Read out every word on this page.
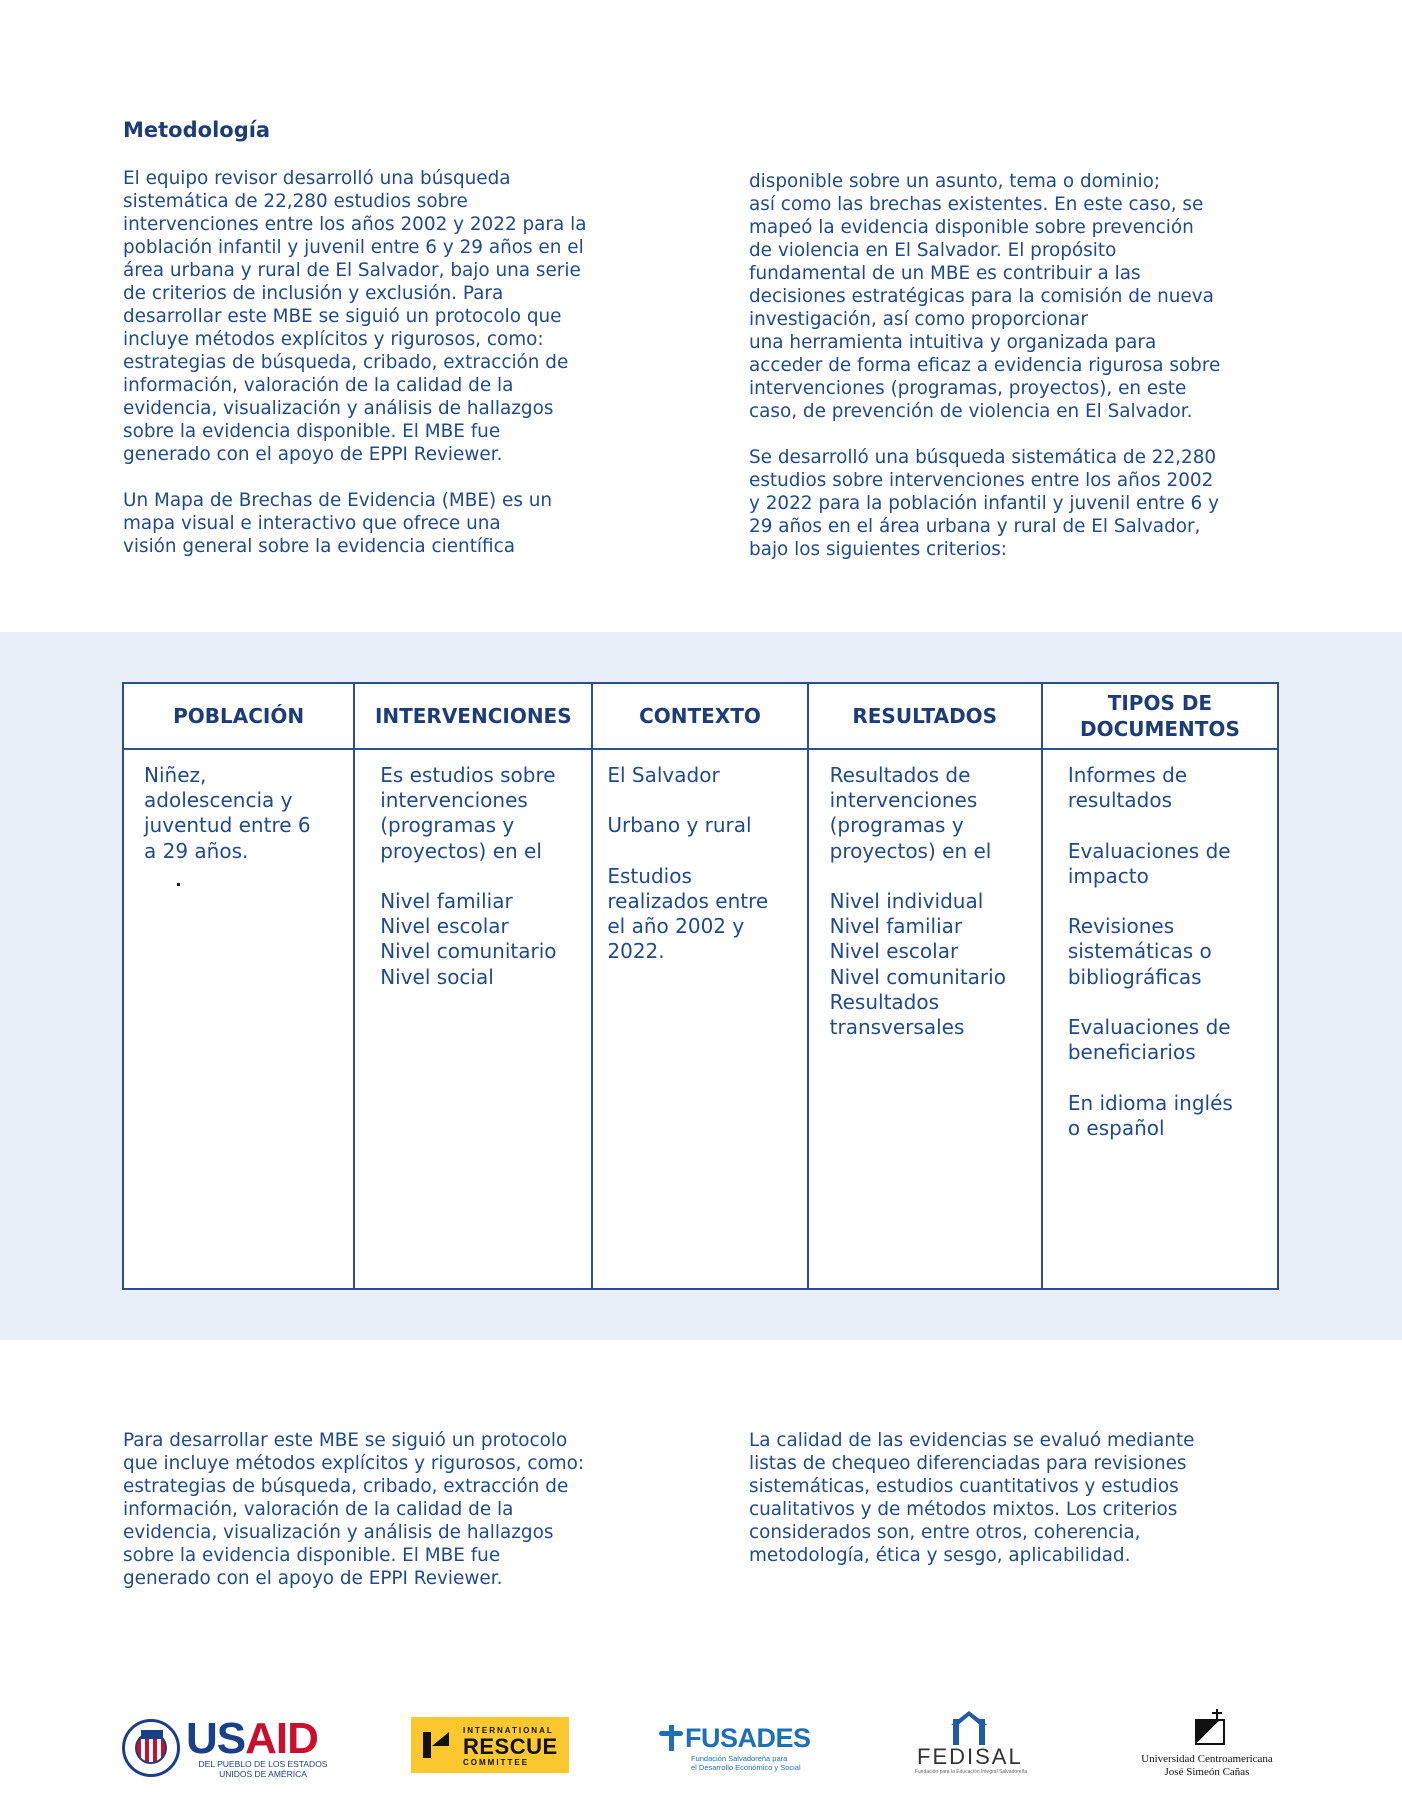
Metodología

El equipo revisor desarrolló una búsqueda
sistemática de 22,280 estudios sobre
intervenciones entre los años 2002 y 2022 para la
población infantil y juvenil entre 6 y 29 años en el
área urbana y rural de El Salvador, bajo una serie
de criterios de inclusión y exclusión. Para
desarrollar este MBE se siguió un protocolo que
incluye métodos explícitos y rigurosos, como:
estrategias de búsqueda, cribado, extracción de
información, valoración de la calidad de la
evidencia, visualización y análisis de hallazgos
sobre la evidencia disponible. El MBE fue
generado con el apoyo de EPPI Reviewer.

Un Mapa de Brechas de Evidencia (MBE) es un
mapa visual e interactivo que ofrece una
visión general sobre la evidencia científica

disponible sobre un asunto, tema o dominio;
así como las brechas existentes. En este caso, se
mapeó la evidencia disponible sobre prevención
de violencia en El Salvador. El propósito
fundamental de un MBE es contribuir a las
decisiones estratégicas para la comisión de nueva
investigación, así como proporcionar
una herramienta intuitiva y organizada para
acceder de forma eficaz a evidencia rigurosa sobre
intervenciones (programas, proyectos), en este
caso, de prevención de violencia en El Salvador.

Se desarrolló una búsqueda sistemática de 22,280
estudios sobre intervenciones entre los años 2002
y 2022 para la población infantil y juvenil entre 6 y
29 años en el área urbana y rural de El Salvador,
bajo los siguientes criterios:

POBLACIÓN
Niñez,
adolescencia y
juventud entre 6
a 29 años.
INTERVENCIONES
Es estudios sobre
intervenciones
(programas y
proyectos) en el
Nivel familiar
Nivel escolar
Nivel comunitario
Nivel social
CONTEXTO
El Salvador
Urbano y rural
Estudios
realizados entre
el año 2002 y
2022.
RESULTADOS
Resultados de
intervenciones
(programas y
proyectos) en el
Nivel individual
Nivel familiar
Nivel escolar
Nivel comunitario
Resultados
transversales
TIPOS DE
DOCUMENTOS
Informes de
resultados
Evaluaciones de
impacto
Revisiones
sistemáticas o
bibliográficas
Evaluaciones de
beneficiarios
En idioma inglés
o español

Para desarrollar este MBE se siguió un protocolo
que incluye métodos explícitos y rigurosos, como:
estrategias de búsqueda, cribado, extracción de
información, valoración de la calidad de la
evidencia, visualización y análisis de hallazgos
sobre la evidencia disponible. El MBE fue
generado con el apoyo de EPPI Reviewer.

La calidad de las evidencias se evaluó mediante
listas de chequeo diferenciadas para revisiones
sistemáticas, estudios cuantitativos y estudios
cualitativos y de métodos mixtos. Los criterios
considerados son, entre otros, coherencia,
metodología, ética y sesgo, aplicabilidad.

USAID
DEL PUEBLO DE LOS ESTADOS
UNIDOS DE AMÉRICA
INTERNATIONAL
RESCUE
COMMITTEE
FUSADES
Fundación Salvadoreña para
el Desarrollo Económico y Social	FEDISAL
Fundación para la Educación Integral Salvadoreña
Universidad Centroamericana
José Simeón Cañas
